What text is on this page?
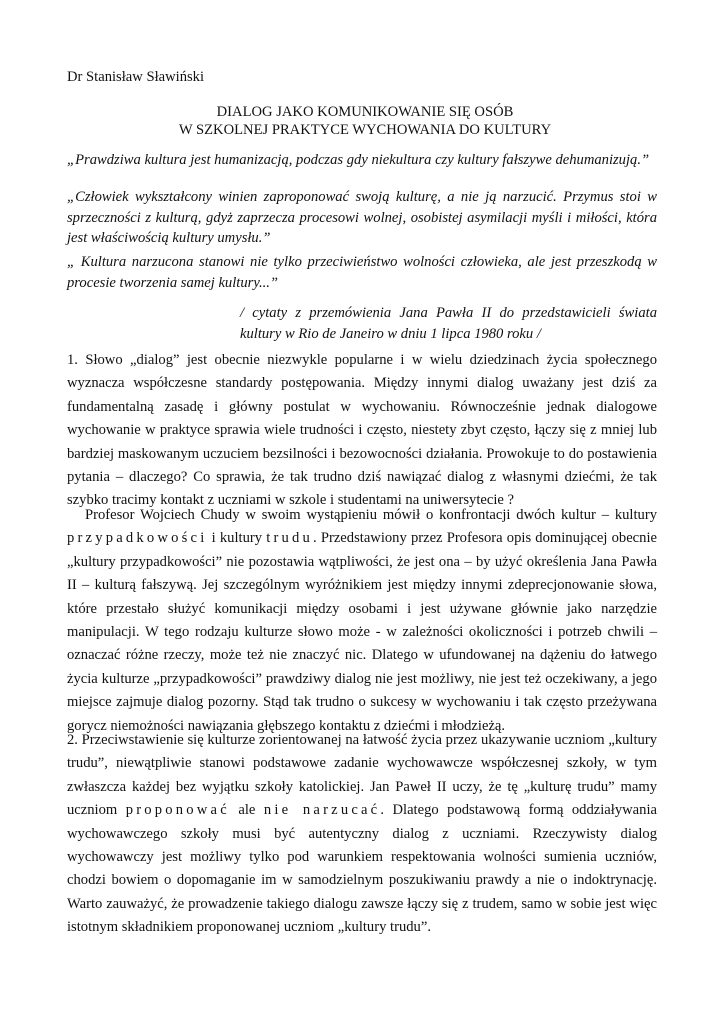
Dr Stanisław Sławiński
DIALOG JAKO KOMUNIKOWANIE SIĘ OSÓB
W SZKOLNEJ PRAKTYCE WYCHOWANIA DO KULTURY
„Prawdziwa kultura jest humanizacją, podczas gdy niekultura czy kultury fałszywe dehumanizują.”
„Człowiek wykształcony winien zaproponować swoją kulturę, a nie ją narzucić. Przymus stoi w sprzeczności z kulturą, gdyż zaprzecza procesowi wolnej, osobistej asymilacji myśli i miłości, która jest właściwością kultury umysłu.”
„ Kultura narzucona stanowi nie tylko przeciwieństwo wolności człowieka, ale jest przeszkodą w procesie tworzenia samej kultury...”
/ cytaty z przemówienia Jana Pawła II do przedstawicieli świata kultury w Rio de Janeiro w dniu 1 lipca 1980 roku /
1. Słowo „dialog” jest obecnie niezwykle popularne i w wielu dziedzinach życia społecznego wyznacza współczesne standardy postępowania. Między innymi dialog uważany jest dziś za fundamentalną zasadę i główny postulat w wychowaniu. Równocześnie jednak dialogowe wychowanie w praktyce sprawia wiele trudności i często, niestety zbyt często, łączy się z mniej lub bardziej maskowanym uczuciem bezsilności i bezowocności działania. Prowokuje to do postawienia pytania – dlaczego? Co sprawia, że tak trudno dziś nawiązać dialog z własnymi dziećmi, że tak szybko tracimy kontakt z uczniami w szkole i studentami na uniwersytecie ?
Profesor Wojciech Chudy w swoim wystąpieniu mówił o konfrontacji dwóch kultur – kultury przypadkowości i kultury trudu. Przedstawiony przez Profesora opis dominującej obecnie „kultury przypadkowości” nie pozostawia wątpliwości, że jest ona – by użyć określenia Jana Pawła II – kulturą fałszywą. Jej szczególnym wyróżnikiem jest między innymi zdeprecjonowanie słowa, które przestało służyć komunikacji między osobami i jest używane głównie jako narzędzie manipulacji. W tego rodzaju kulturze słowo może - w zależności okoliczności i potrzeb chwili – oznaczać różne rzeczy, może też nie znaczyć nic. Dlatego w ufundowanej na dążeniu do łatwego życia kulturze „przypadkowości” prawdziwy dialog nie jest możliwy, nie jest też oczekiwany, a jego miejsce zajmuje dialog pozorny. Stąd tak trudno o sukcesy w wychowaniu i tak często przeżywana gorycz niemożności nawiązania głębszego kontaktu z dziećmi i młodzieżą.
2. Przeciwstawienie się kulturze zorientowanej na łatwość życia przez ukazywanie uczniom „kultury trudu”, niewątpliwie stanowi podstawowe zadanie wychowawcze współczesnej szkoły, w tym zwłaszcza każdej bez wyjątku szkoły katolickiej. Jan Paweł II uczy, że tę „kulturę trudu” mamy uczniom proponować ale nie narzucać. Dlatego podstawową formą oddziaływania wychowawczego szkoły musi być autentyczny dialog z uczniami. Rzeczywisty dialog wychowawczy jest możliwy tylko pod warunkiem respektowania wolności sumienia uczniów, chodzi bowiem o dopomaganie im w samodzielnym poszukiwaniu prawdy a nie o indoktrynację. Warto zauważyć, że prowadzenie takiego dialogu zawsze łączy się z trudem, samo w sobie jest więc istotnym składnikiem proponowanej uczniom „kultury trudu”.
